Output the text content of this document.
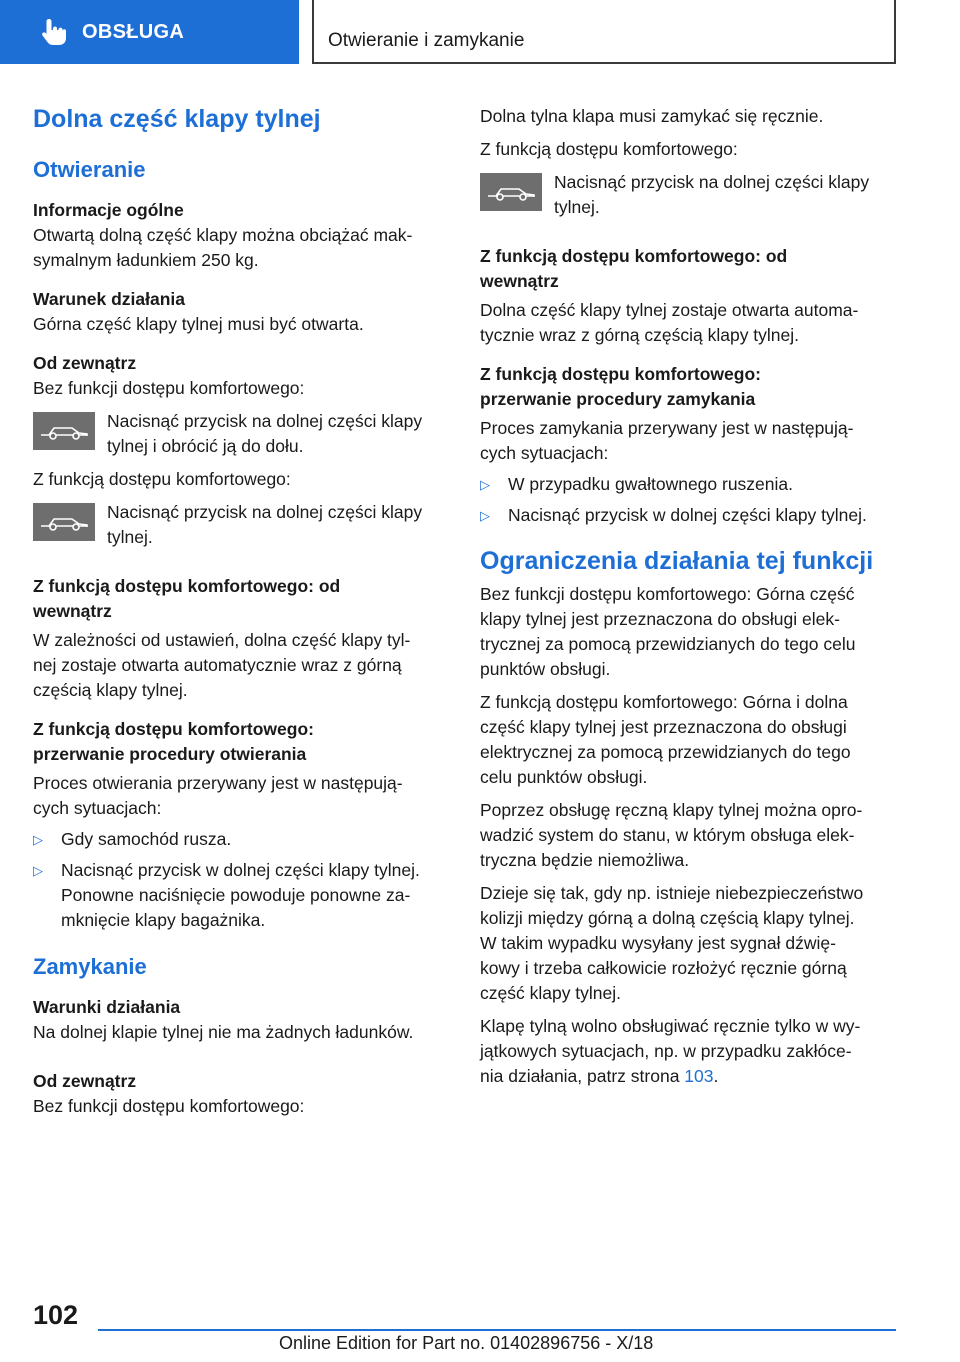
OBSŁUGA	Otwieranie i zamykanie
Dolna część klapy tylnej
Otwieranie
Informacje ogólne
Otwartą dolną część klapy można obciążać mak-
symalnym ładunkiem 250 kg.
Warunek działania
Górna część klapy tylnej musi być otwarta.
Od zewnątrz
Bez funkcji dostępu komfortowego:
Nacisnąć przycisk na dolnej części klapy
tylnej i obrócić ją do dołu.
Z funkcją dostępu komfortowego:
Nacisnąć przycisk na dolnej części klapy
tylnej.
Z funkcją dostępu komfortowego: od
wewnątrz
W zależności od ustawień, dolna część klapy tyl-
nej zostaje otwarta automatycznie wraz z górną
częścią klapy tylnej.
Z funkcją dostępu komfortowego:
przerwanie procedury otwierania
Proces otwierania przerywany jest w następują-
cych sytuacjach:
▷	Gdy samochód rusza.
▷	Nacisnąć przycisk w dolnej części klapy tylnej.
Ponowne naciśnięcie powoduje ponowne za-
mknięcie klapy bagażnika.
Zamykanie
Warunki działania
Na dolnej klapie tylnej nie ma żadnych ładunków.
Od zewnątrz
Bez funkcji dostępu komfortowego:
Dolna tylna klapa musi zamykać się ręcznie.
Z funkcją dostępu komfortowego:
Nacisnąć przycisk na dolnej części klapy
tylnej.
Z funkcją dostępu komfortowego: od
wewnątrz
Dolna część klapy tylnej zostaje otwarta automa-
tycznie wraz z górną częścią klapy tylnej.
Z funkcją dostępu komfortowego:
przerwanie procedury zamykania
Proces zamykania przerywany jest w następują-
cych sytuacjach:
▷	W przypadku gwałtownego ruszenia.
▷	Nacisnąć przycisk w dolnej części klapy tylnej.
Ograniczenia działania tej funkcji
Bez funkcji dostępu komfortowego: Górna część
klapy tylnej jest przeznaczona do obsługi elek-
trycznej za pomocą przewidzianych do tego celu
punktów obsługi.
Z funkcją dostępu komfortowego: Górna i dolna
część klapy tylnej jest przeznaczona do obsługi
elektrycznej za pomocą przewidzianych do tego
celu punktów obsługi.
Poprzez obsługę ręczną klapy tylnej można opro-
wadzić system do stanu, w którym obsługa elek-
tryczna będzie niemożliwa.
Dzieje się tak, gdy np. istnieje niebezpieczeństwo
kolizji między górną a dolną częścią klapy tylnej.
W takim wypadku wysyłany jest sygnał dźwię-
kowy i trzeba całkowicie rozłożyć ręcznie górną
część klapy tylnej.
Klapę tylną wolno obsługiwać ręcznie tylko w wy-
jątkowych sytuacjach, np. w przypadku zakłóce-
nia działania, patrz strona 103.
102
Online Edition for Part no. 01402896756 - X/18
